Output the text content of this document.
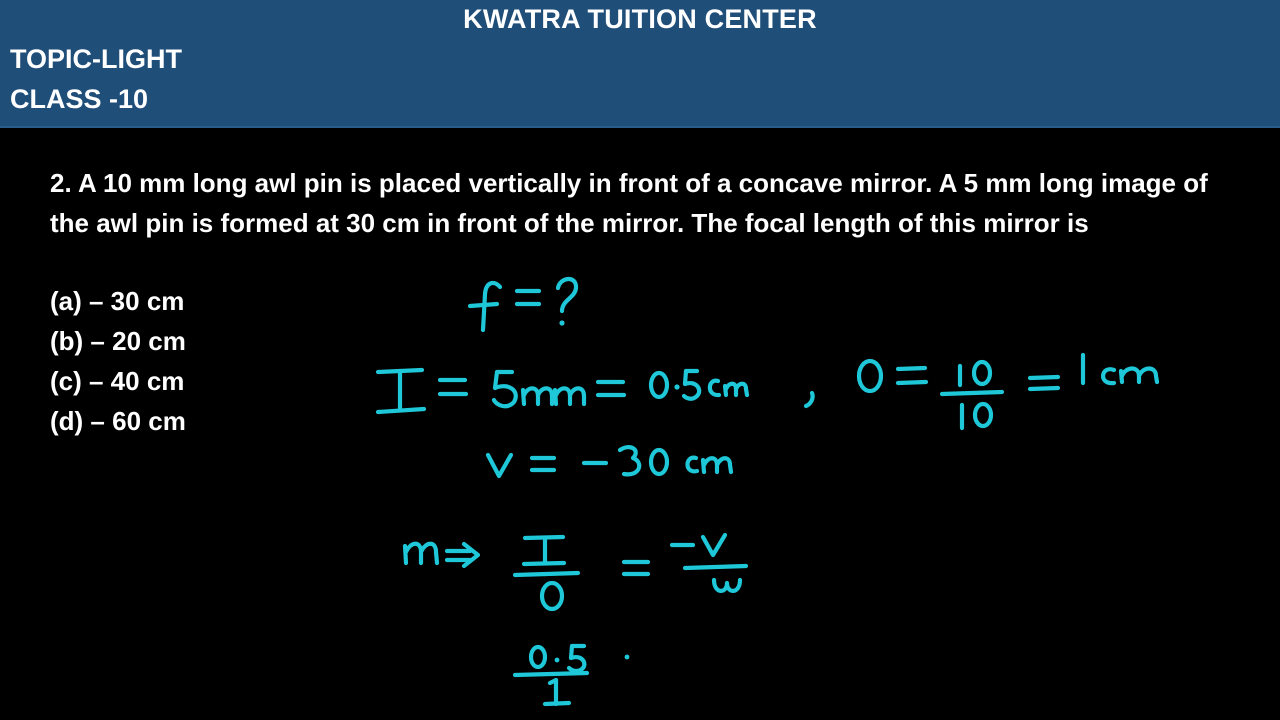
KWATRA TUITION CENTER
TOPIC-LIGHT
CLASS -10
2. A 10 mm long awl pin is placed vertically in front of a concave mirror. A 5 mm long image of the awl pin is formed at 30 cm in front of the mirror. The focal length of this mirror is
(a) – 30 cm
(b) – 20 cm
(c) – 40 cm
(d) – 60 cm
